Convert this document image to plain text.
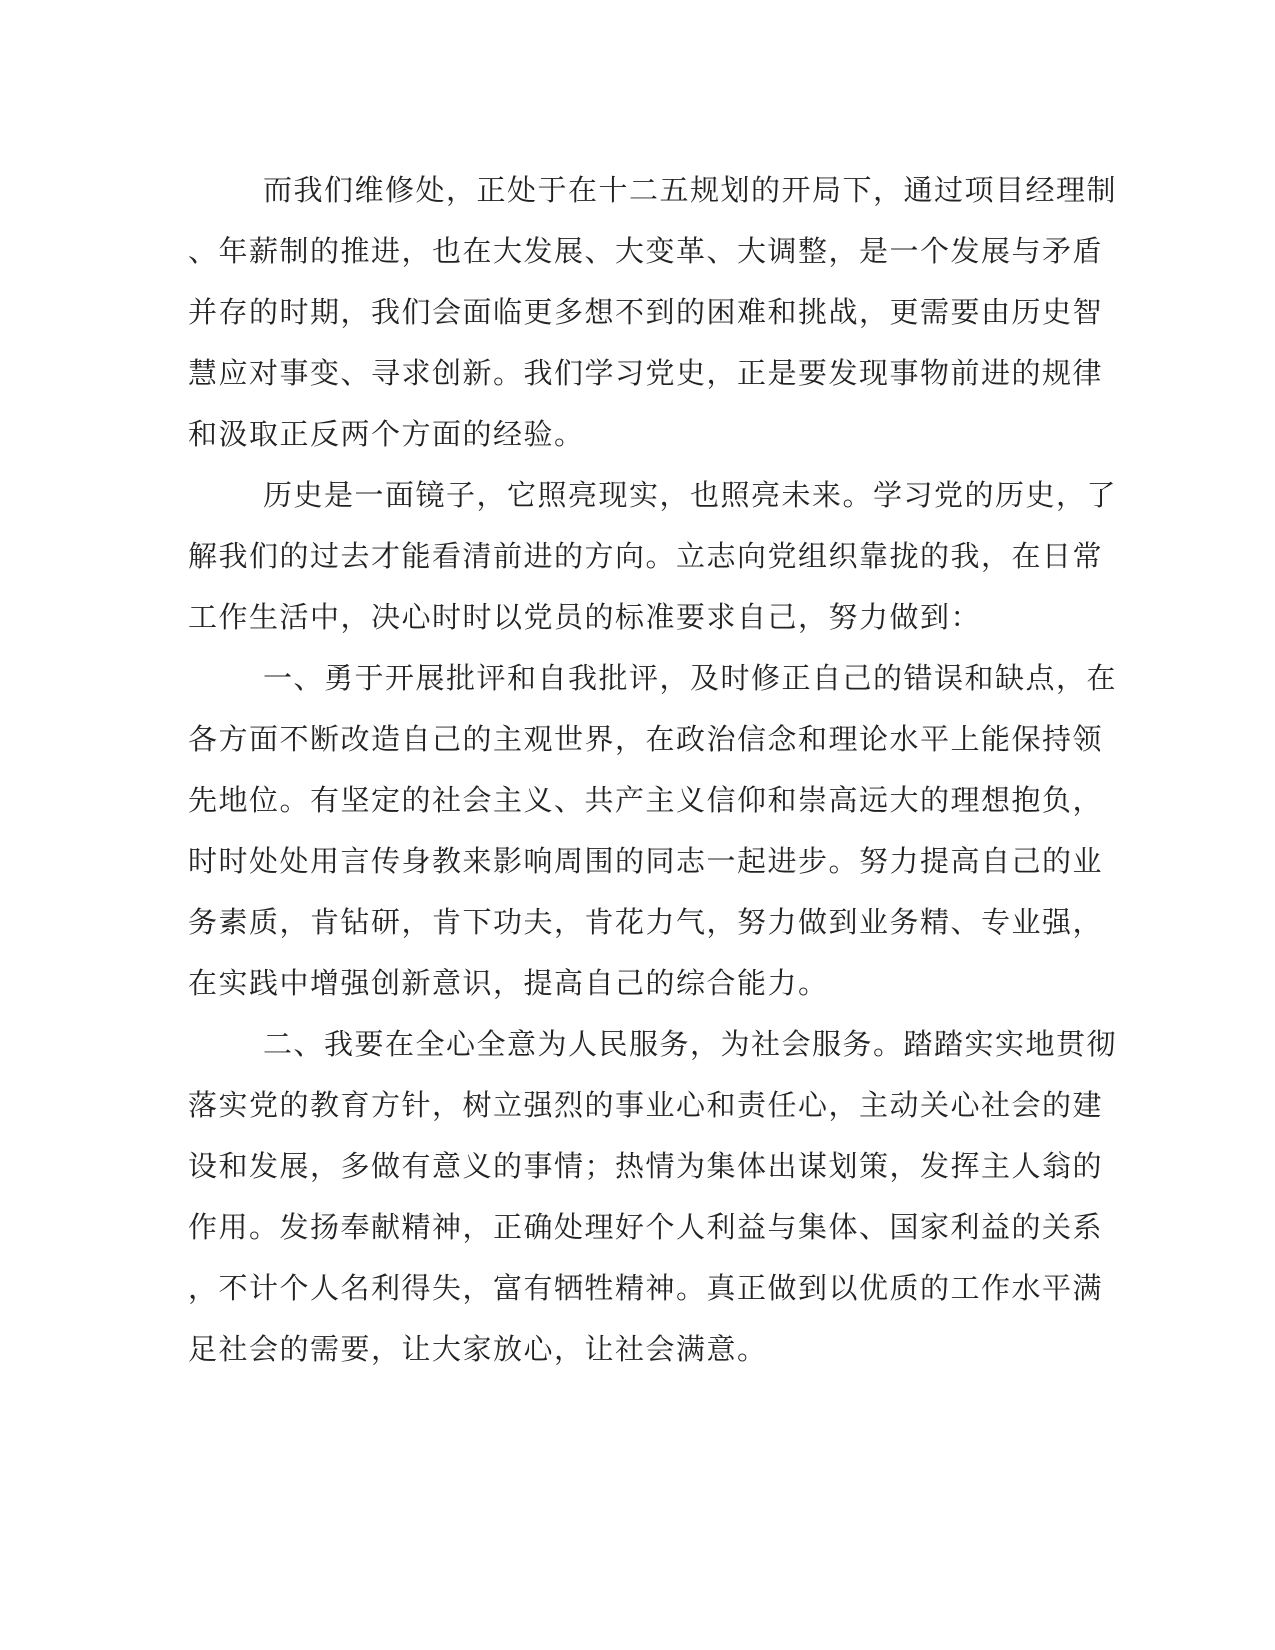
而我们维修处，正处于在十二五规划的开局下，通过项目经理制
、年薪制的推进，也在大发展、大变革、大调整，是一个发展与矛盾
并存的时期，我们会面临更多想不到的困难和挑战，更需要由历史智
慧应对事变、寻求创新。我们学习党史，正是要发现事物前进的规律
和汲取正反两个方面的经验。
历史是一面镜子，它照亮现实，也照亮未来。学习党的历史，了
解我们的过去才能看清前进的方向。立志向党组织靠拢的我，在日常
工作生活中，决心时时以党员的标准要求自己，努力做到：
一、勇于开展批评和自我批评，及时修正自己的错误和缺点，在
各方面不断改造自己的主观世界，在政治信念和理论水平上能保持领
先地位。有坚定的社会主义、共产主义信仰和崇高远大的理想抱负，
时时处处用言传身教来影响周围的同志一起进步。努力提高自己的业
务素质，肯钻研，肯下功夫，肯花力气，努力做到业务精、专业强，
在实践中增强创新意识，提高自己的综合能力。
二、我要在全心全意为人民服务，为社会服务。踏踏实实地贯彻
落实党的教育方针，树立强烈的事业心和责任心，主动关心社会的建
设和发展，多做有意义的事情；热情为集体出谋划策，发挥主人翁的
作用。发扬奉献精神，正确处理好个人利益与集体、国家利益的关系
，不计个人名利得失，富有牺牲精神。真正做到以优质的工作水平满
足社会的需要，让大家放心，让社会满意。
